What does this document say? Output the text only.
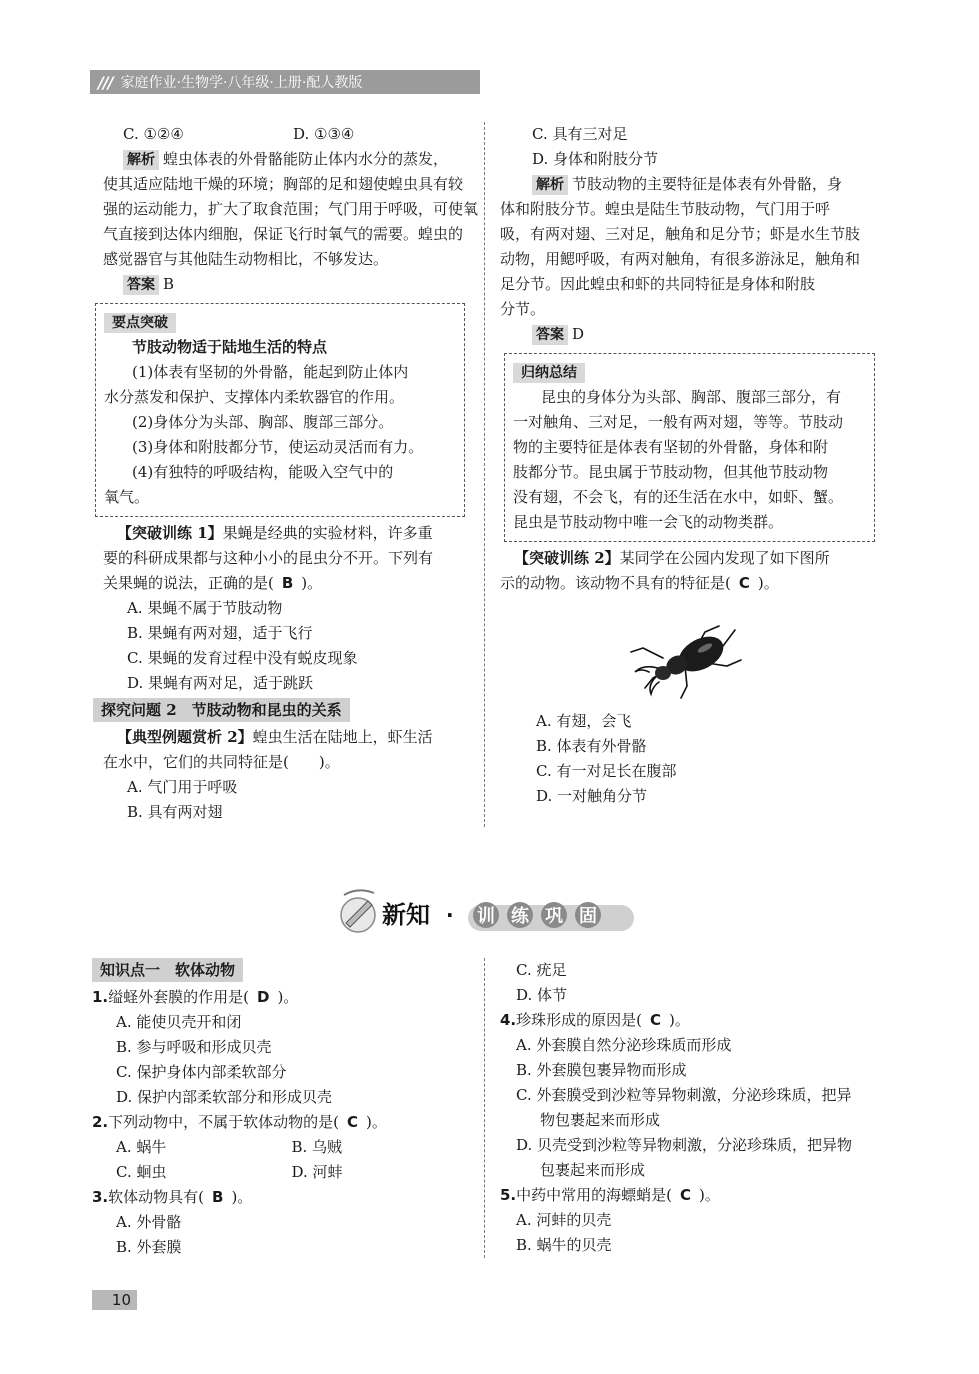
/// 家庭作业·生物学·八年级·上册·配人教版
C. ①②④	D. ①③④
解析 蝗虫体表的外骨骼能防止体内水分的蒸发，
使其适应陆地干燥的环境；胸部的足和翅使蝗虫具有较
强的运动能力，扩大了取食范围；气门用于呼吸，可使氧
气直接到达体内细胞，保证飞行时氧气的需要。蝗虫的
感觉器官与其他陆生动物相比，不够发达。
答案 B
要点突破

节肢动物适于陆地生活的特点

(1)体表有坚韧的外骨骼，能起到防止体内

水分蒸发和保护、支撑体内柔软器官的作用。

(2)身体分为头部、胸部、腹部三部分。

(3)身体和附肢都分节，使运动灵活而有力。

(4)有独特的呼吸结构，能吸入空气中的

氧气。

【突破训练 1】果蝇是经典的实验材料，许多重
要的科研成果都与这种小小的昆虫分不开。下列有
关果蝇的说法，正确的是( B )。
A. 果蝇不属于节肢动物
B. 果蝇有两对翅，适于飞行
C. 果蝇的发育过程中没有蜕皮现象
D. 果蝇有两对足，适于跳跃
探究问题 2　节肢动物和昆虫的关系
【典型例题赏析 2】蝗虫生活在陆地上，虾生活
在水中，它们的共同特征是(　　)。
A. 气门用于呼吸
B. 具有两对翅
C. 具有三对足
D. 身体和附肢分节
解析 节肢动物的主要特征是体表有外骨骼，身
体和附肢分节。蝗虫是陆生节肢动物，气门用于呼
吸，有两对翅、三对足，触角和足分节；虾是水生节肢
动物，用鳃呼吸，有两对触角，有很多游泳足，触角和
足分节。因此蝗虫和虾的共同特征是身体和附肢
分节。
答案 D
归纳总结

昆虫的身体分为头部、胸部、腹部三部分，有

一对触角、三对足，一般有两对翅，等等。节肢动

物的主要特征是体表有坚韧的外骨骼，身体和附

肢都分节。昆虫属于节肢动物，但其他节肢动物

没有翅，不会飞，有的还生活在水中，如虾、蟹。

昆虫是节肢动物中唯一会飞的动物类群。

【突破训练 2】某同学在公园内发现了如下图所
示的动物。该动物不具有的特征是( C )。
A. 有翅，会飞
B. 体表有外骨骼
C. 有一对足长在腹部
D. 一对触角分节
新知 · 训 练 巩 固
知识点一　软体动物
1.缢蛏外套膜的作用是( D )。
A. 能使贝壳开和闭
B. 参与呼吸和形成贝壳
C. 保护身体内部柔软部分
D. 保护内部柔软部分和形成贝壳
2.下列动物中，不属于软体动物的是( C )。
A. 蜗牛	B. 乌贼
C. 蛔虫	D. 河蚌
3.软体动物具有( B )。
A. 外骨骼
B. 外套膜
C. 疣足
D. 体节
4.珍珠形成的原因是( C )。
A. 外套膜自然分泌珍珠质而形成
B. 外套膜包裹异物而形成
C. 外套膜受到沙粒等异物刺激，分泌珍珠质，把异
物包裹起来而形成
D. 贝壳受到沙粒等异物刺激，分泌珍珠质，把异物
包裹起来而形成
5.中药中常用的海螵蛸是( C )。
A. 河蚌的贝壳
B. 蜗牛的贝壳
10
